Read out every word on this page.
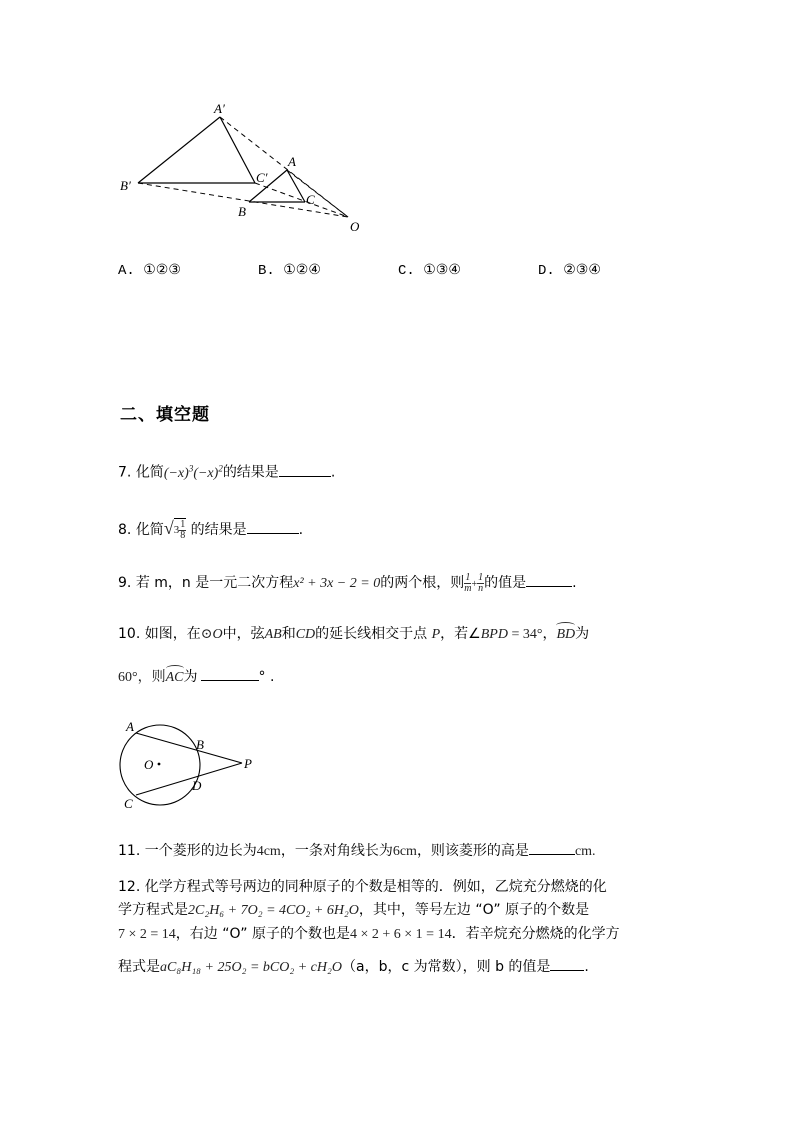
A′
B′
C′
A
B
C
O
A. ①②③	B. ①②④	C. ①③④	D. ②③④
二、填空题
7. 化简$(-x)^3(-x)^2$的结果是	.
8. 化简$√^3 \frac{1}{8}$ 的结果是	.
9. 若 m，n 是一元二次方程x² + 3x − 2 = 0的两个根，则 $\frac{1}{m} + \frac{1}{n}$ 的值是	.
10. 如图，在⊙O中，弦AB和CD的延长线相交于点 P，若∠BPD = 34°，BD为
60°，则AC为	° .
A
B
O	P
D
C
11. 一个菱形的边长为4cm，一条对角线长为6cm，则该菱形的高是	cm.
12. 化学方程式等号两边的同种原子的个数是相等的．例如，乙烷充分燃烧的化
学方程式是2C₂H₆ + 7O₂ = 4CO₂ + 6H₂O，其中，等号左边 “O” 原子的个数是
7 × 2 = 14，右边 “O” 原子的个数也是4 × 2 + 6 × 1 = 14．若辛烷充分燃烧的化学方
程式是aC₈H₁₈ + 25O₂ = bCO₂ + cH₂O（a，b，c 为常数），则 b 的值是 .
